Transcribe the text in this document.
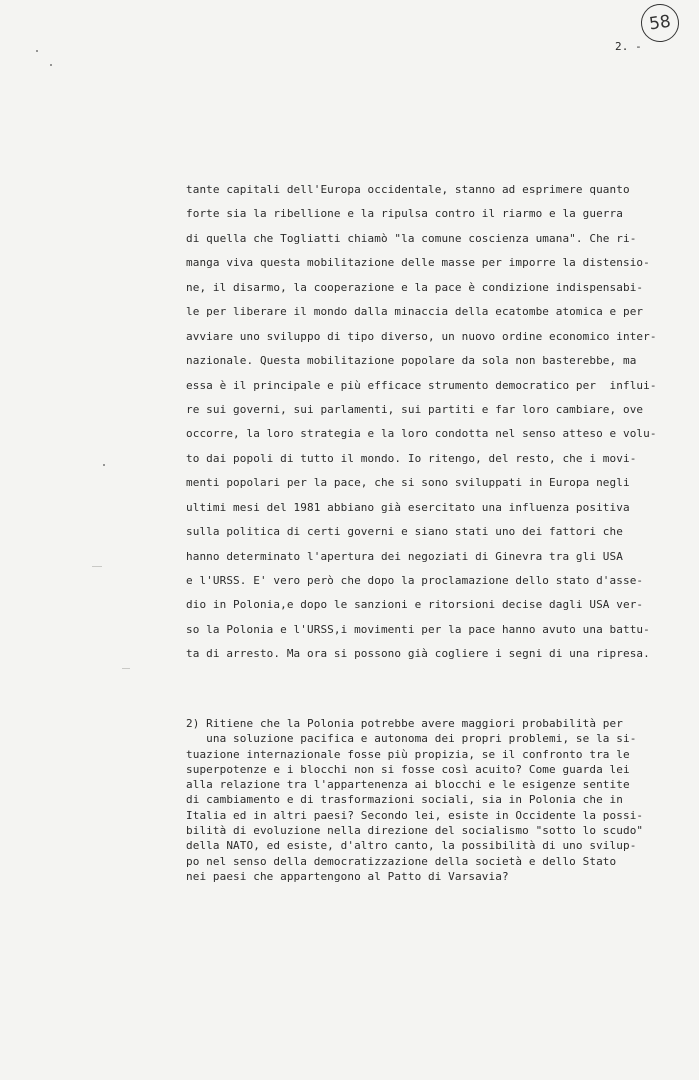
58
2. -
tante capitali dell'Europa occidentale, stanno ad esprimere quanto
forte sia la ribellione e la ripulsa contro il riarmo e la guerra
di quella che Togliatti chiamò "la comune coscienza umana". Che ri-
manga viva questa mobilitazione delle masse per imporre la distensio-
ne, il disarmo, la cooperazione e la pace è condizione indispensabi-
le per liberare il mondo dalla minaccia della ecatombe atomica e per
avviare uno sviluppo di tipo diverso, un nuovo ordine economico inter-
nazionale. Questa mobilitazione popolare da sola non basterebbe, ma
essa è il principale e più efficace strumento democratico per  influi-
re sui governi, sui parlamenti, sui partiti e far loro cambiare, ove
occorre, la loro strategia e la loro condotta nel senso atteso e volu-
to dai popoli di tutto il mondo. Io ritengo, del resto, che i movi-
menti popolari per la pace, che si sono sviluppati in Europa negli
ultimi mesi del 1981 abbiano già esercitato una influenza positiva
sulla politica di certi governi e siano stati uno dei fattori che
hanno determinato l'apertura dei negoziati di Ginevra tra gli USA
e l'URSS. E' vero però che dopo la proclamazione dello stato d'asse-
dio in Polonia,e dopo le sanzioni e ritorsioni decise dagli USA ver-
so la Polonia e l'URSS,i movimenti per la pace hanno avuto una battu-
ta di arresto. Ma ora si possono già cogliere i segni di una ripresa.
2) Ritiene che la Polonia potrebbe avere maggiori probabilità per
una soluzione pacifica e autonoma dei propri problemi, se la si-
tuazione internazionale fosse più propizia, se il confronto tra le
superpotenze e i blocchi non si fosse così acuito? Come guarda lei
alla relazione tra l'appartenenza ai blocchi e le esigenze sentite
di cambiamento e di trasformazioni sociali, sia in Polonia che in
Italia ed in altri paesi? Secondo lei, esiste in Occidente la possi-
bilità di evoluzione nella direzione del socialismo "sotto lo scudo"
della NATO, ed esiste, d'altro canto, la possibilità di uno svilup-
po nel senso della democratizzazione della società e dello Stato
nei paesi che appartengono al Patto di Varsavia?
